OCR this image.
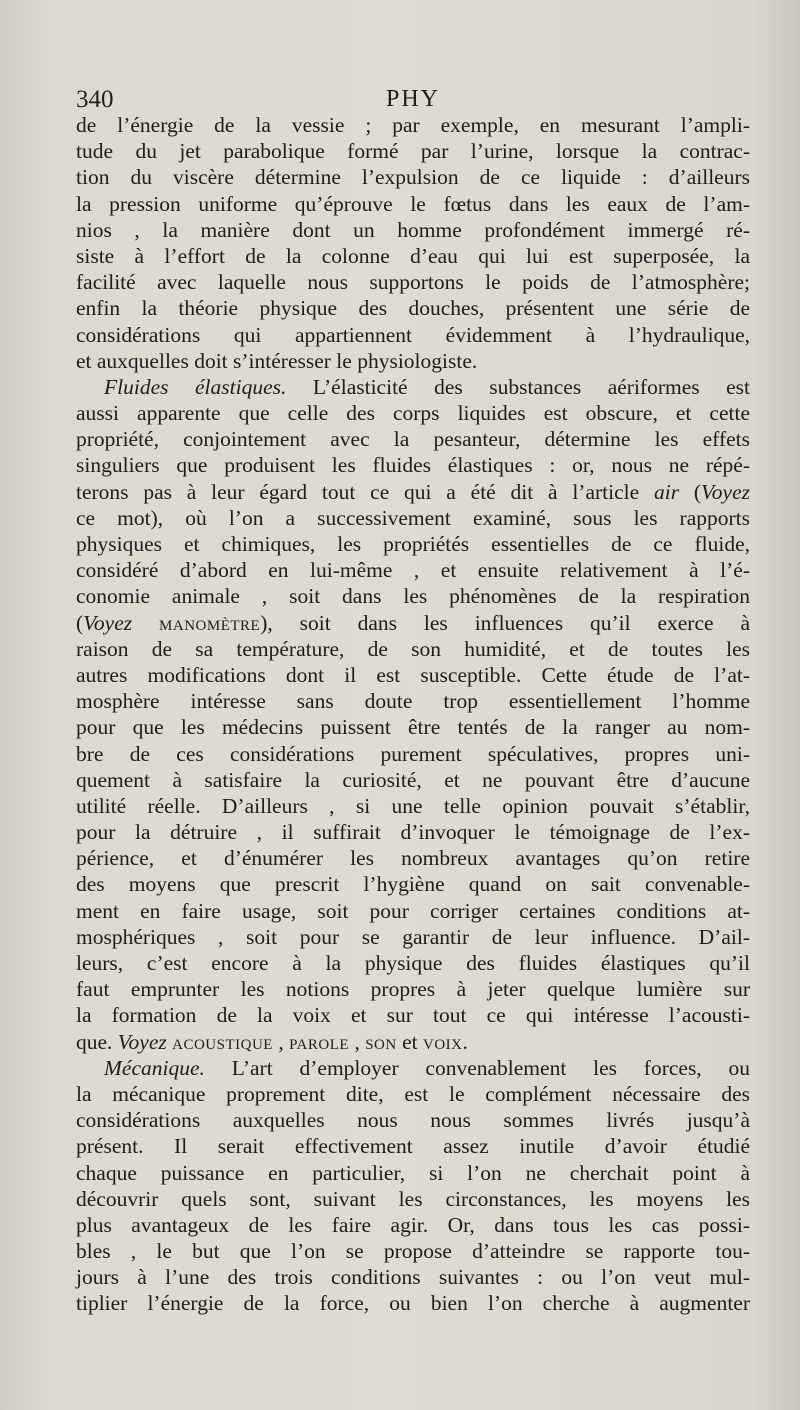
340	PHY
de l’énergie de la vessie ; par exemple, en mesurant l’ampli-
tude du jet parabolique formé par l’urine, lorsque la contrac-
tion du viscère détermine l’expulsion de ce liquide : d’ailleurs
la pression uniforme qu’éprouve le fœtus dans les eaux de l’am-
nios , la manière dont un homme profondément immergé ré-
siste à l’effort de la colonne d’eau qui lui est superposée, la
facilité avec laquelle nous supportons le poids de l’atmosphère;
enfin la théorie physique des douches, présentent une série de
considérations qui appartiennent évidemment à l’hydraulique,
et auxquelles doit s’intéresser le physiologiste.
Fluides élastiques. L’élasticité des substances aériformes est
aussi apparente que celle des corps liquides est obscure, et cette
propriété, conjointement avec la pesanteur, détermine les effets
singuliers que produisent les fluides élastiques : or, nous ne répé-
terons pas à leur égard tout ce qui a été dit à l’article air (Voyez
ce mot), où l’on a successivement examiné, sous les rapports
physiques et chimiques, les propriétés essentielles de ce fluide,
considéré d’abord en lui-même , et ensuite relativement à l’é-
conomie animale , soit dans les phénomènes de la respiration
(Voyez MANOMÈTRE), soit dans les influences qu’il exerce à
raison de sa température, de son humidité, et de toutes les
autres modifications dont il est susceptible. Cette étude de l’at-
mosphère intéresse sans doute trop essentiellement l’homme
pour que les médecins puissent être tentés de la ranger au nom-
bre de ces considérations purement spéculatives, propres uni-
quement à satisfaire la curiosité, et ne pouvant être d’aucune
utilité réelle. D’ailleurs , si une telle opinion pouvait s’établir,
pour la détruire , il suffirait d’invoquer le témoignage de l’ex-
périence, et d’énumérer les nombreux avantages qu’on retire
des moyens que prescrit l’hygiène quand on sait convenable-
ment en faire usage, soit pour corriger certaines conditions at-
mosphériques , soit pour se garantir de leur influence. D’ail-
leurs, c’est encore à la physique des fluides élastiques qu’il
faut emprunter les notions propres à jeter quelque lumière sur
la formation de la voix et sur tout ce qui intéresse l’acousti-
que. Voyez ACOUSTIQUE , PAROLE , SON et VOIX.
Mécanique. L’art d’employer convenablement les forces, ou
la mécanique proprement dite, est le complément nécessaire des
considérations auxquelles nous nous sommes livrés jusqu’à
présent. Il serait effectivement assez inutile d’avoir étudié
chaque puissance en particulier, si l’on ne cherchait point à
découvrir quels sont, suivant les circonstances, les moyens les
plus avantageux de les faire agir. Or, dans tous les cas possi-
bles , le but que l’on se propose d’atteindre se rapporte tou-
jours à l’une des trois conditions suivantes : ou l’on veut mul-
tiplier l’énergie de la force, ou bien l’on cherche à augmenter
